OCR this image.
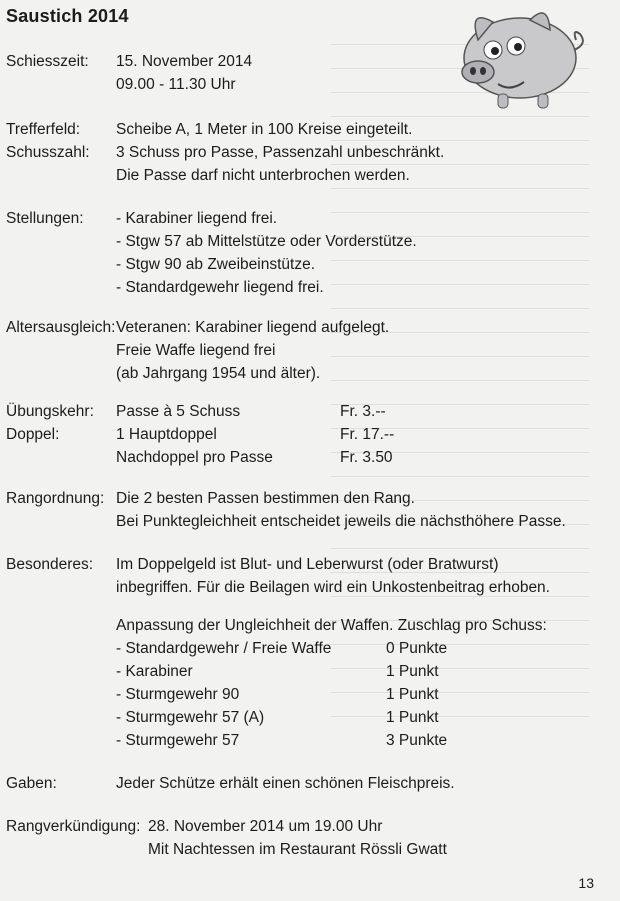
Saustich 2014
Schiesszeit: 15. November 2014
09.00 - 11.30 Uhr
Trefferfeld: Scheibe A, 1 Meter in 100 Kreise eingeteilt.
Schusszahl: 3 Schuss pro Passe, Passenzahl unbeschränkt.
Die Passe darf nicht unterbrochen werden.
Stellungen: - Karabiner liegend frei.
- Stgw 57 ab Mittelstütze oder Vorderstütze.
- Stgw 90 ab Zweibeinstütze.
- Standardgewehr liegend frei.
Altersausgleich: Veteranen: Karabiner liegend aufgelegt.
Freie Waffe liegend frei
(ab Jahrgang 1954 und älter).
Übungskehr: Passe à 5 Schuss	Fr. 3.--
Doppel:	1 Hauptdoppel	Fr. 17.--
Nachdoppel pro Passe	Fr. 3.50
Rangordnung: Die 2 besten Passen bestimmen den Rang.
Bei Punktegleichheit entscheidet jeweils die nächsthöhere Passe.
Besonderes: Im Doppelgeld ist Blut- und Leberwurst (oder Bratwurst)
inbegriffen. Für die Beilagen wird ein Unkostenbeitrag erhoben.
Anpassung der Ungleichheit der Waffen. Zuschlag pro Schuss:
- Standardgewehr / Freie Waffe	0 Punkte
- Karabiner	1 Punkt
- Sturmgewehr 90	1 Punkt
- Sturmgewehr 57 (A)	1 Punkt
- Sturmgewehr 57	3 Punkte
Gaben:	Jeder Schütze erhält einen schönen Fleischpreis.
Rangverkündigung: 28. November 2014 um 19.00 Uhr
Mit Nachtessen im Restaurant Rössli Gwatt
13
